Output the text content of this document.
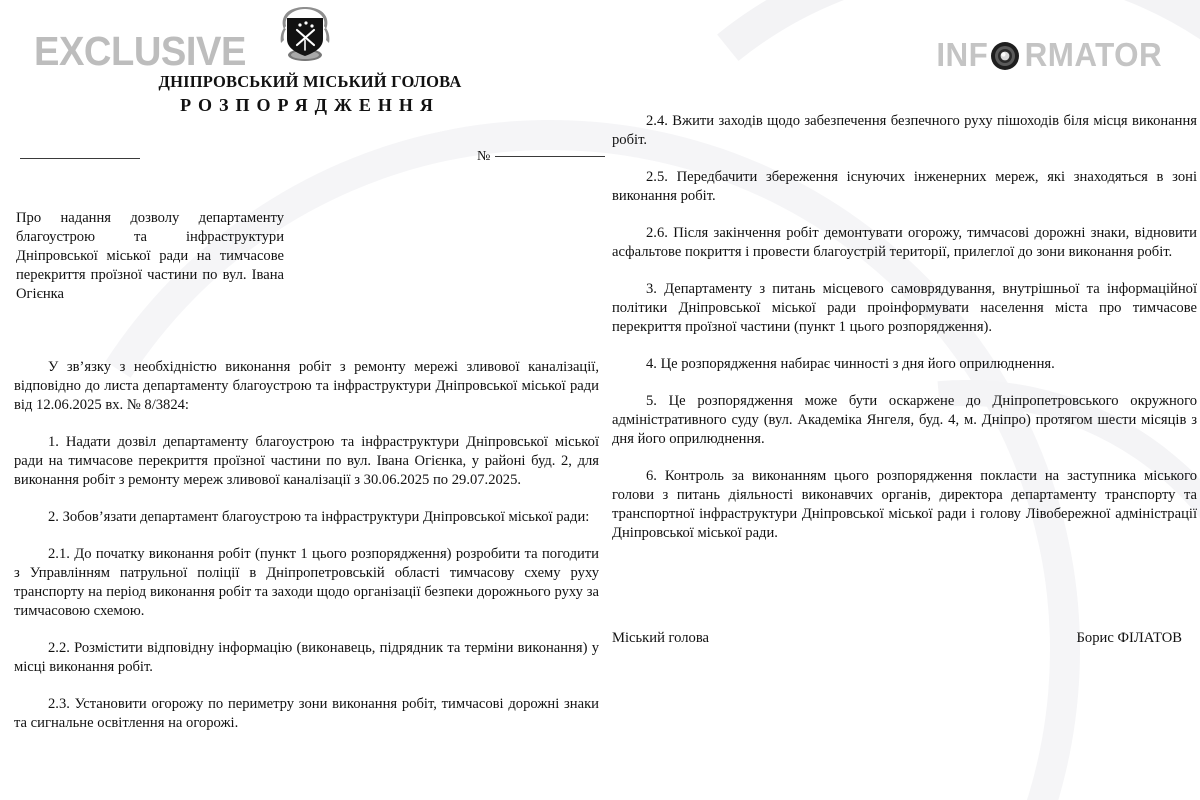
EXCLUSIVE	INF RMATOR
ДНІПРОВСЬКИЙ МІСЬКИЙ ГОЛОВА
РОЗПОРЯДЖЕННЯ
№
Про надання дозволу департаменту благоустрою та інфраструктури Дніпровської міської ради на тимчасове перекриття проїзної частини по вул. Івана Огієнка

У зв’язку з необхідністю виконання робіт з ремонту мережі зливової каналізації, відповідно до листа департаменту благоустрою та інфраструктури Дніпровської міської ради від 12.06.2025 вх. № 8/3824:

1. Надати дозвіл департаменту благоустрою та інфраструктури Дніпровської міської ради на тимчасове перекриття проїзної частини по вул. Івана Огієнка, у районі буд. 2, для виконання робіт з ремонту мереж зливової каналізації з 30.06.2025 по 29.07.2025.

2. Зобов’язати департамент благоустрою та інфраструктури Дніпровської міської ради:

2.1. До початку виконання робіт (пункт 1 цього розпорядження) розробити та погодити з Управлінням патрульної поліції в Дніпропетровській області тимчасову схему руху транспорту на період виконання робіт та заходи щодо організації безпеки дорожнього руху за тимчасовою схемою.

2.2. Розмістити відповідну інформацію (виконавець, підрядник та терміни виконання) у місці виконання робіт.

2.3. Установити огорожу по периметру зони виконання робіт, тимчасові дорожні знаки та сигнальне освітлення на огорожі.

2.4. Вжити заходів щодо забезпечення безпечного руху пішоходів біля місця виконання робіт.

2.5. Передбачити збереження існуючих інженерних мереж, які знаходяться в зоні виконання робіт.

2.6. Після закінчення робіт демонтувати огорожу, тимчасові дорожні знаки, відновити асфальтове покриття і провести благоустрій території, прилеглої до зони виконання робіт.

3. Департаменту з питань місцевого самоврядування, внутрішньої та інформаційної політики Дніпровської міської ради проінформувати населення міста про тимчасове перекриття проїзної частини (пункт 1 цього розпорядження).

4. Це розпорядження набирає чинності з дня його оприлюднення.

5. Це розпорядження може бути оскаржене до Дніпропетровського окружного адміністративного суду (вул. Академіка Янгеля, буд. 4, м. Дніпро) протягом шести місяців з дня його оприлюднення.

6. Контроль за виконанням цього розпорядження покласти на заступника міського голови з питань діяльності виконавчих органів, директора департаменту транспорту та транспортної інфраструктури Дніпровської міської ради і голову Лівобережної адміністрації Дніпровської міської ради.

Міський голова	Борис ФІЛАТОВ
